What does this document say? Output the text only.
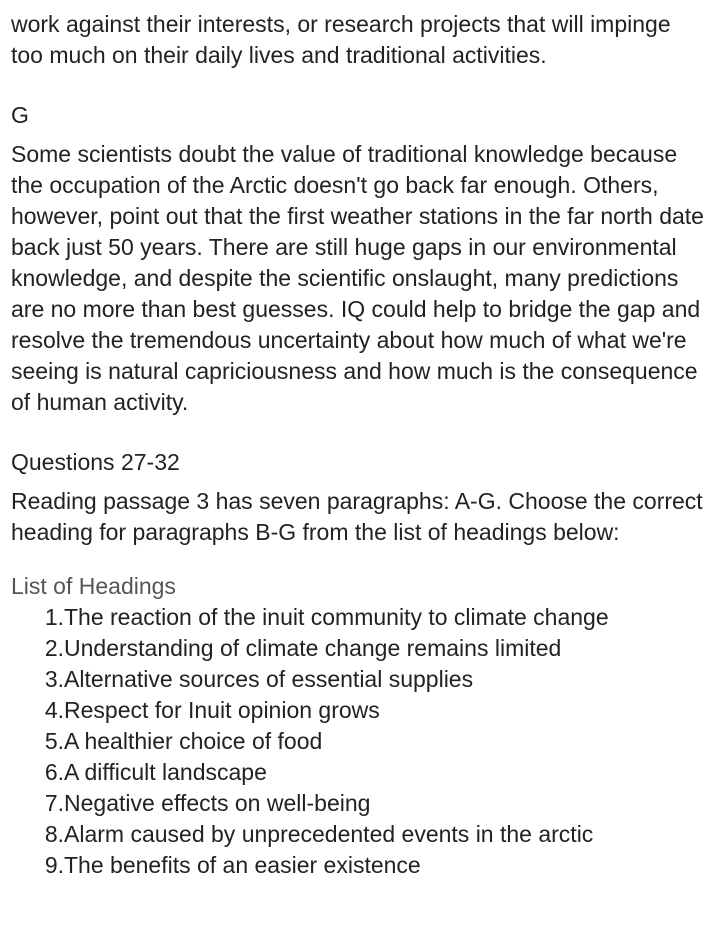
work against their interests, or research projects that will impinge too much on their daily lives and traditional activities.

G

Some scientists doubt the value of traditional knowledge because the occupation of the Arctic doesn't go back far enough. Others, however, point out that the first weather stations in the far north date back just 50 years. There are still huge gaps in our environmental knowledge, and despite the scientific onslaught, many predictions are no more than best guesses. IQ could help to bridge the gap and resolve the tremendous uncertainty about how much of what we're seeing is natural capriciousness and how much is the consequence of human activity.

Questions 27-32

Reading passage 3 has seven paragraphs: A-G. Choose the correct heading for paragraphs B-G from the list of headings below:

List of Headings

1. The reaction of the inuit community to climate change
2. Understanding of climate change remains limited
3. Alternative sources of essential supplies
4. Respect for Inuit opinion grows
5. A healthier choice of food
6. A difficult landscape
7. Negative effects on well-being
8. Alarm caused by unprecedented events in the arctic
9. The benefits of an easier existence
